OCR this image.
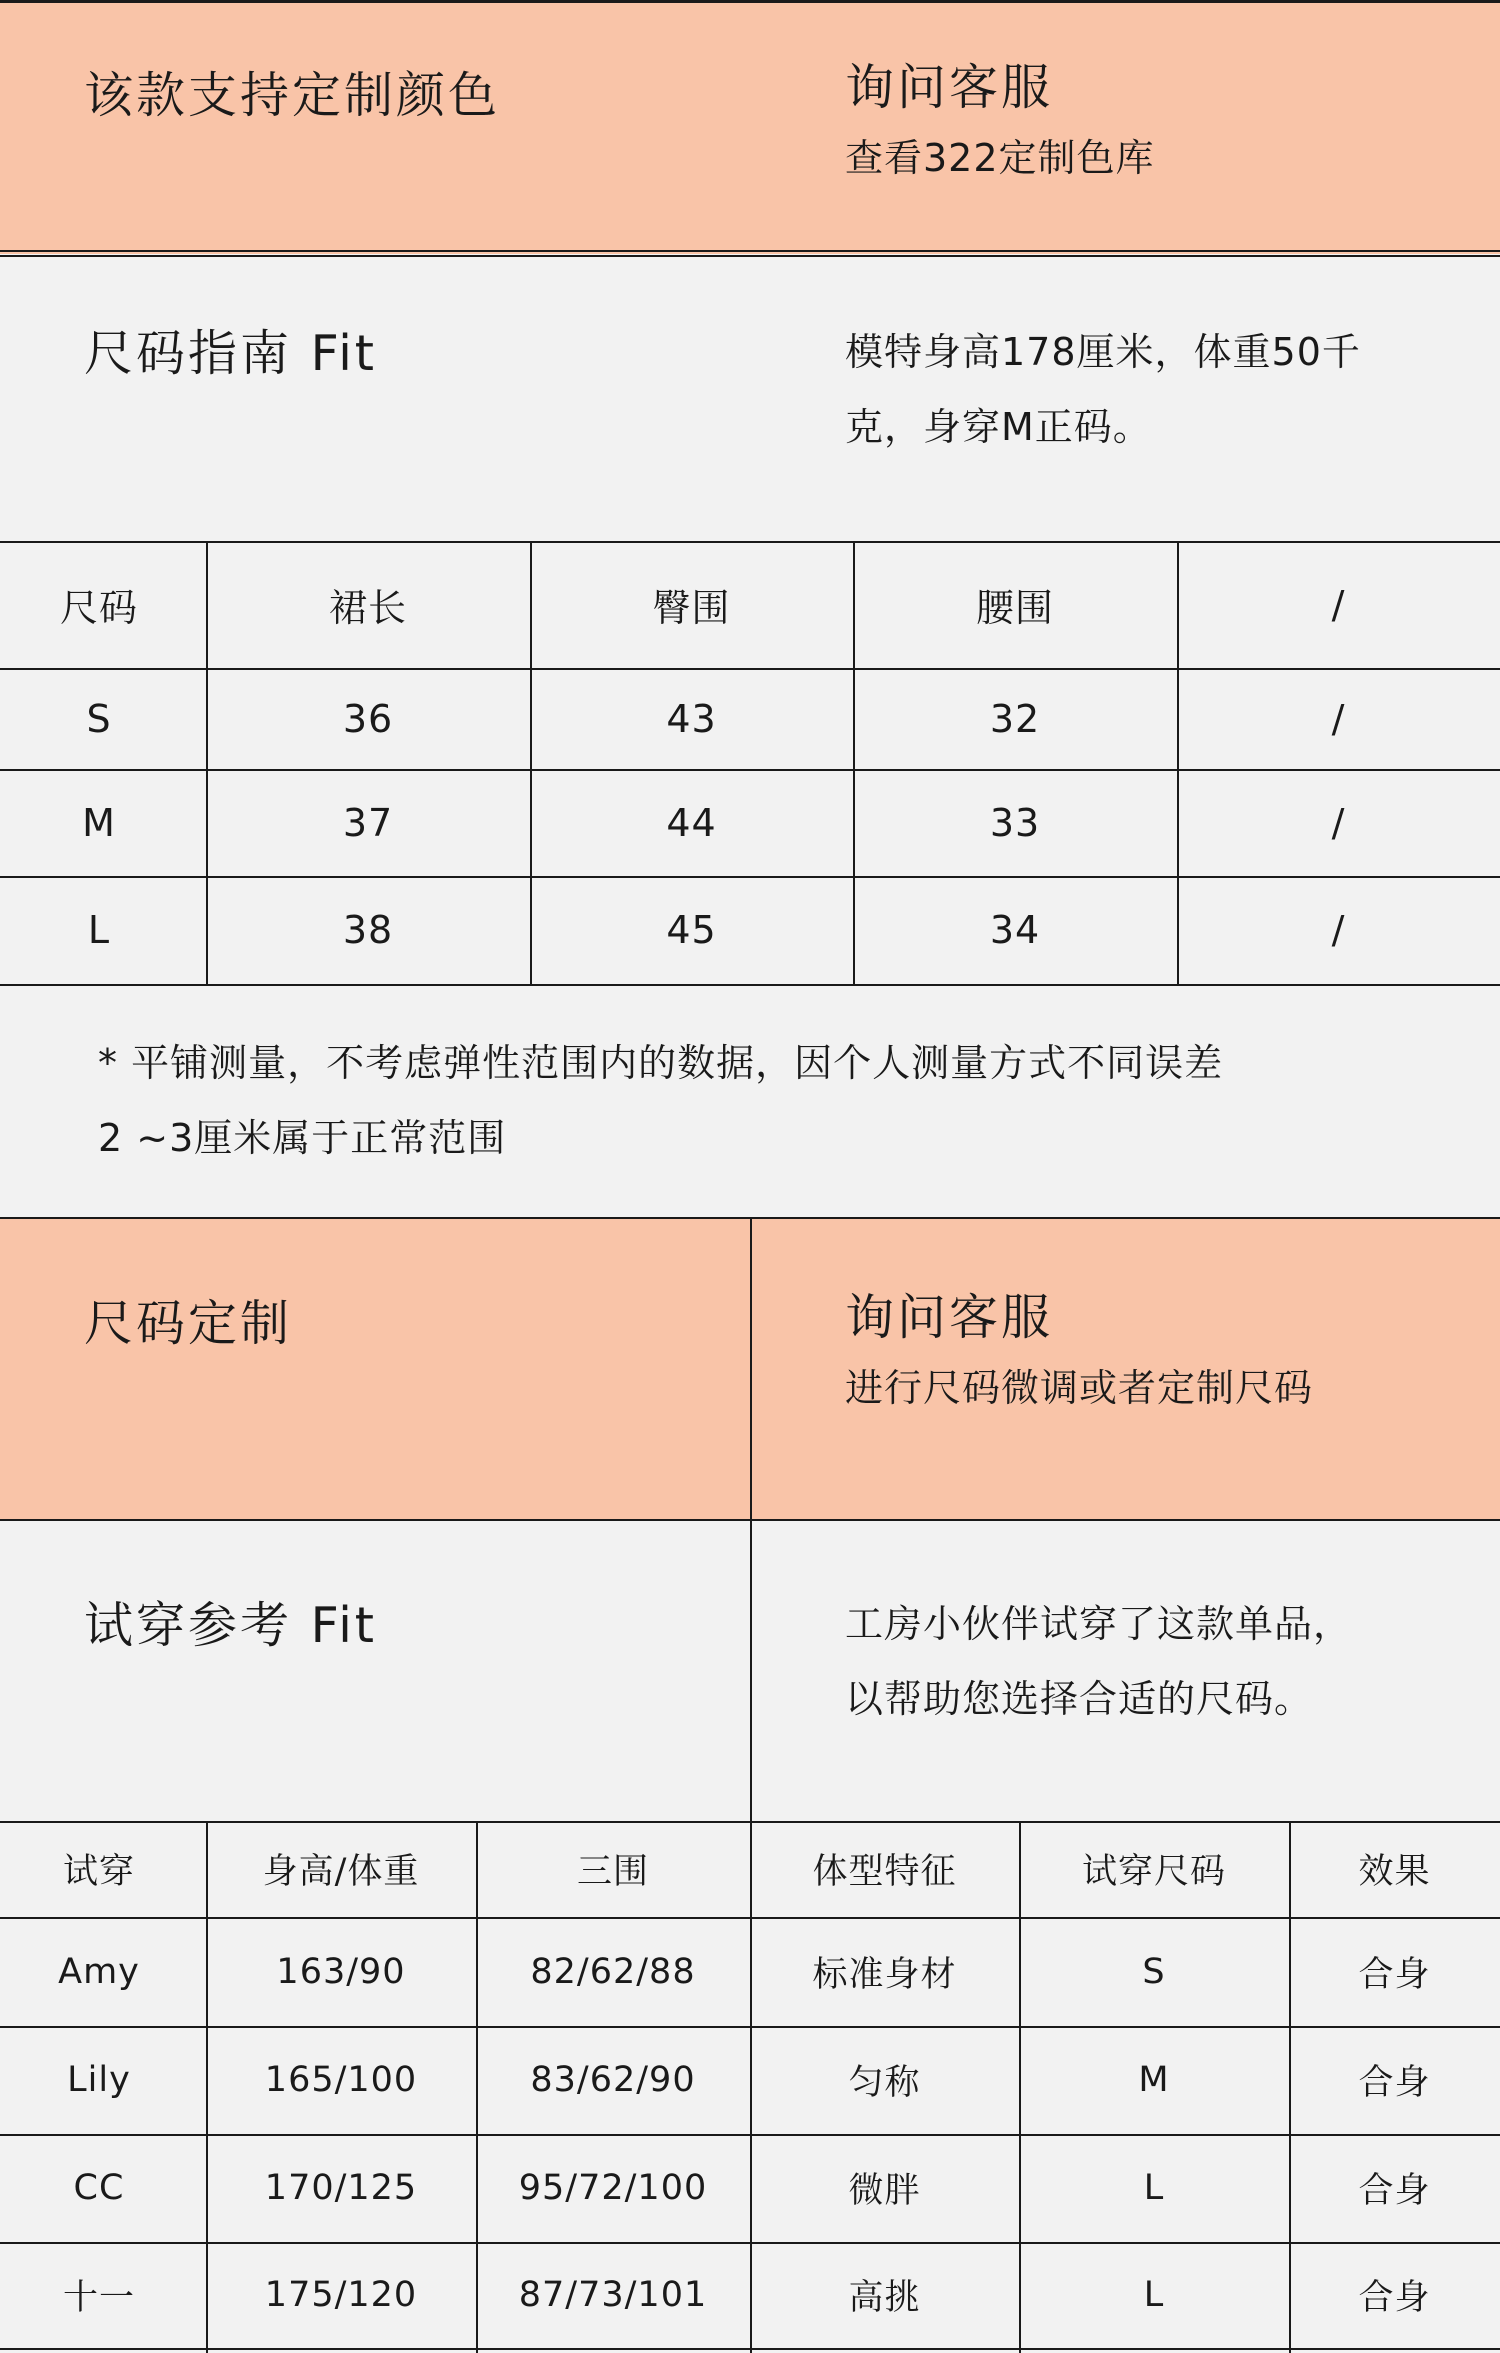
该款支持定制颜色	询问客服
查看322定制色库
尺码指南 Fit	模特身高178厘米，体重50千
克，身穿M正码。
尺码	裙长	臀围	腰围	/
S	36	43	32	/
M	37	44	33	/
L	38	45	34	/
* 平铺测量，不考虑弹性范围内的数据，因个人测量方式不同误差
2 ~3厘米属于正常范围
尺码定制	询问客服
进行尺码微调或者定制尺码
试穿参考 Fit	工房小伙伴试穿了这款单品，
以帮助您选择合适的尺码。
试穿	身高/体重	三围	体型特征	试穿尺码	效果
Amy	163/90	82/62/88	标准身材	S	合身
Lily	165/100	83/62/90	匀称	M	合身
CC	170/125	95/72/100	微胖	L	合身
十一	175/120	87/73/101	高挑	L	合身
